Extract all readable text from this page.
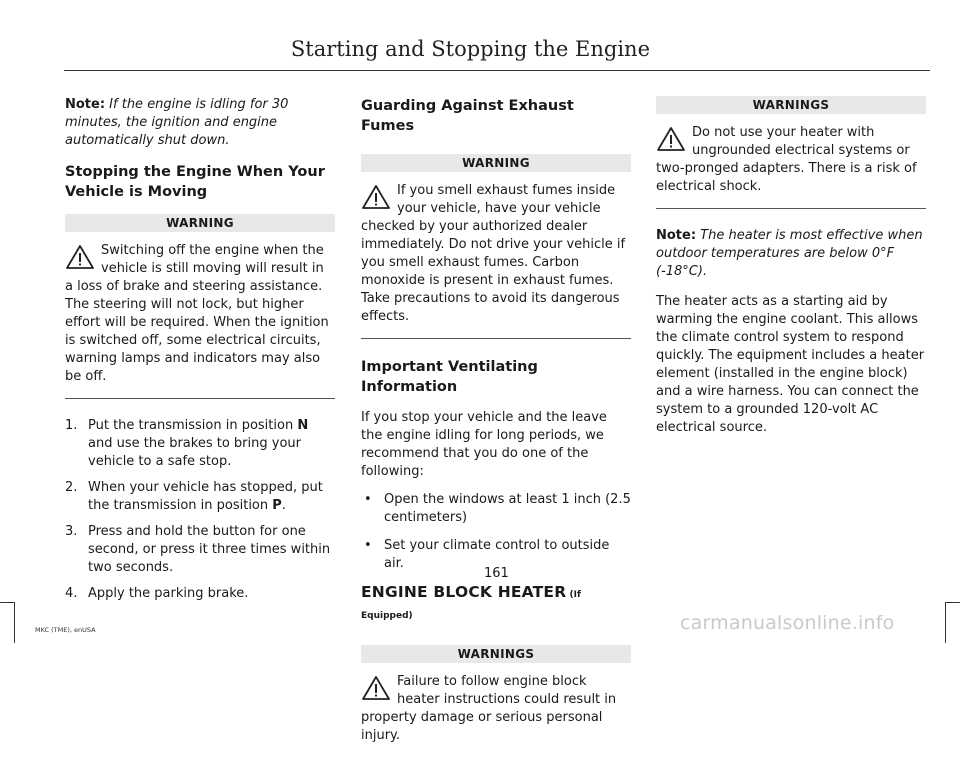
Starting and Stopping the Engine

Note: If the engine is idling for 30 minutes, the ignition and engine automatically shut down.

Stopping the Engine When Your Vehicle is Moving
WARNING
Switching off the engine when the vehicle is still moving will result in a loss of brake and steering assistance. The steering will not lock, but higher effort will be required. When the ignition is switched off, some electrical circuits, warning lamps and indicators may also be off.
1. Put the transmission in position N and use the brakes to bring your vehicle to a safe stop.
2. When your vehicle has stopped, put the transmission in position P.
3. Press and hold the button for one second, or press it three times within two seconds.
4. Apply the parking brake.
Guarding Against Exhaust Fumes
WARNING
If you smell exhaust fumes inside your vehicle, have your vehicle checked by your authorized dealer immediately. Do not drive your vehicle if you smell exhaust fumes. Carbon monoxide is present in exhaust fumes. Take precautions to avoid its dangerous effects.
Important Ventilating Information

If you stop your vehicle and the leave the engine idling for long periods, we recommend that you do one of the following:

• Open the windows at least 1 inch (2.5 centimeters)
• Set your climate control to outside air.
ENGINE BLOCK HEATER (If Equipped)
WARNINGS
Failure to follow engine block heater instructions could result in property damage or serious personal injury.
WARNINGS
Do not use your heater with ungrounded electrical systems or two-pronged adapters. There is a risk of electrical shock.

Note: The heater is most effective when outdoor temperatures are below 0°F (-18°C).

The heater acts as a starting aid by warming the engine coolant. This allows the climate control system to respond quickly. The equipment includes a heater element (installed in the engine block) and a wire harness. You can connect the system to a grounded 120-volt AC electrical source.

161
MKC (TME), enUSA	carmanualsonline.info
